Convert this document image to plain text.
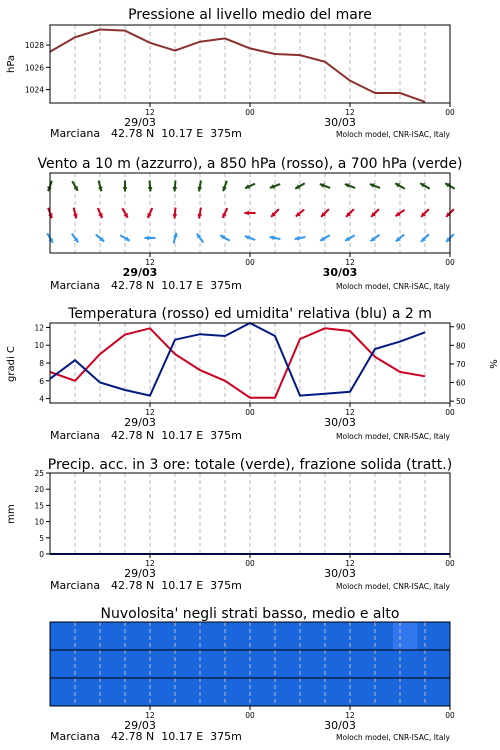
Pressione al livello medio del mare
hPa
1024
1026
1028
12	00	12	00
29/03	30/03
Marciana 42.78 N  10.17 E  375m	Moloch model, CNR-ISAC, Italy
Vento a 10 m (azzurro), a 850 hPa (rosso), a 700 hPa (verde)
12	00	12	00
29/03	30/03
Marciana 42.78 N  10.17 E  375m	Moloch model, CNR-ISAC, Italy
Temperatura (rosso) ed umidita' relativa (blu) a 2 m
gradi C	%
4
6
8
10
12
50
60
70
80
90
12	00	12	00
29/03	30/03
Marciana 42.78 N  10.17 E  375m	Moloch model, CNR-ISAC, Italy
Precip. acc. in 3 ore: totale (verde), frazione solida (tratt.)
mm
0
5
10
15
20
25
12	00	12	00
29/03	30/03
Marciana 42.78 N  10.17 E  375m	Moloch model, CNR-ISAC, Italy
Nuvolosita' negli strati basso, medio e alto
12	00	12	00
29/03	30/03
Marciana 42.78 N  10.17 E  375m	Moloch model, CNR-ISAC, Italy
